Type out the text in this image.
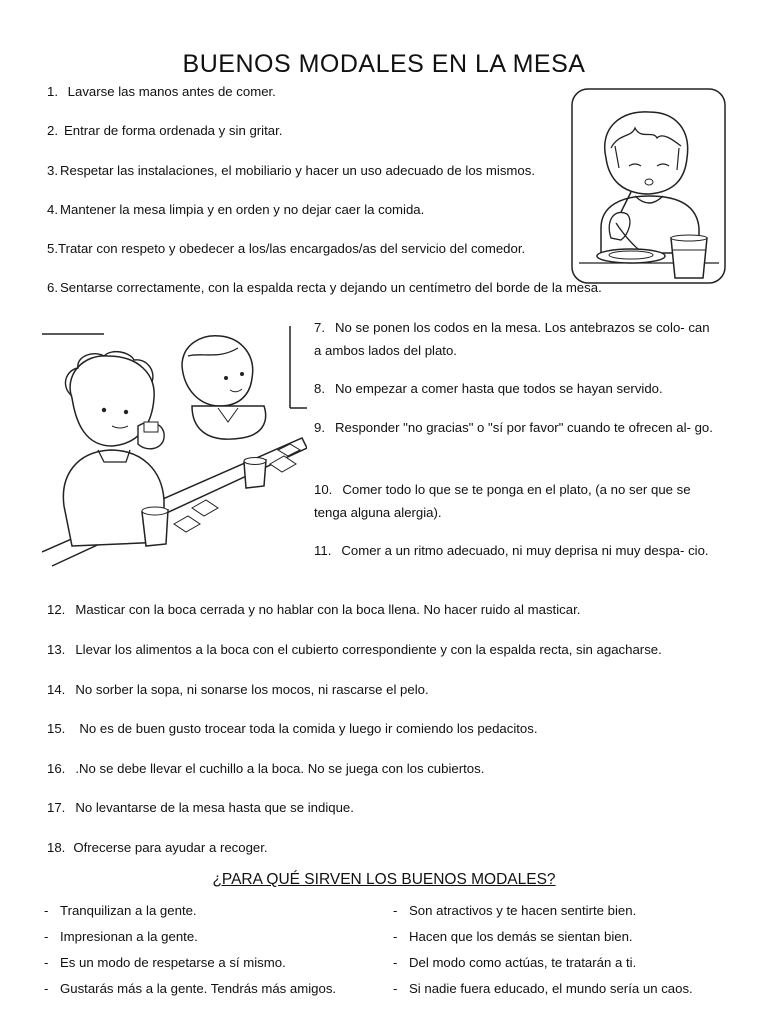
BUENOS MODALES EN LA MESA

1. Lavarse las manos antes de comer.

2. Entrar de forma ordenada y sin gritar.

3. Respetar las instalaciones, el mobiliario y hacer un uso adecuado de los mismos.

4. Mantener la mesa limpia y en orden y no dejar caer la comida.

5.Tratar con respeto y obedecer a los/las encargados/as del servicio del comedor.

6. Sentarse correctamente, con la espalda recta y dejando un centímetro del borde de la mesa.

7. No se ponen los codos en la mesa. Los antebrazos se colo- can a ambos lados del plato.

8. No empezar a comer hasta que todos se hayan servido.

9. Responder "no gracias" o "sí por favor" cuando te ofrecen al- go.

10. Comer todo lo que se te ponga en el plato, (a no ser que se tenga alguna alergia).

11. Comer a un ritmo adecuado, ni muy deprisa ni muy despa- cio.

12. Masticar con la boca cerrada y no hablar con la boca llena. No hacer ruido al masticar.

13. Llevar los alimentos a la boca con el cubierto correspondiente y con la espalda recta, sin agacharse.

14. No sorber la sopa, ni sonarse los mocos, ni rascarse el pelo.

15. No es de buen gusto trocear toda la comida y luego ir comiendo los pedacitos.

16. .No se debe llevar el cuchillo a la boca. No se juega con los cubiertos.

17. No levantarse de la mesa hasta que se indique.

18. Ofrecerse para ayudar a recoger.

¿PARA QUÉ SIRVEN LOS BUENOS MODALES?
- Tranquilizan a la gente.
- Impresionan a la gente.
- Es un modo de respetarse a sí mismo.
- Gustarás más a la gente. Tendrás más amigos.
- Son atractivos y te hacen sentirte bien.
- Hacen que los demás se sientan bien.
- Del modo como actúas, te tratarán a ti.
- Si nadie fuera educado, el mundo sería un caos.
